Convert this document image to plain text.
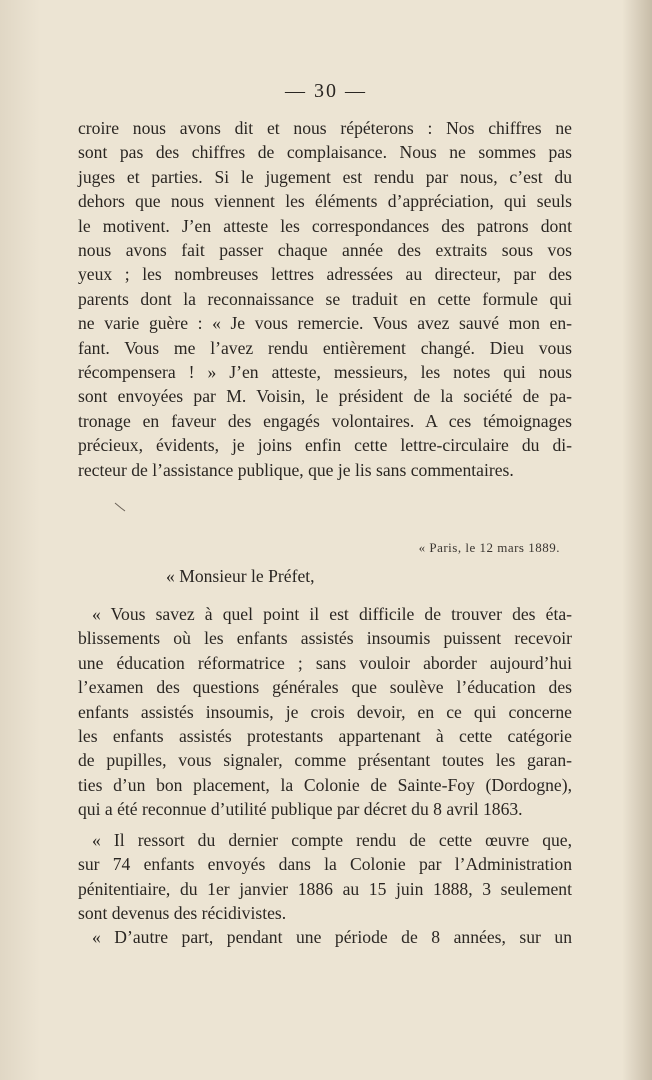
— 30 —
croire nous avons dit et nous répéterons : Nos chiffres ne
sont pas des chiffres de complaisance. Nous ne sommes pas
juges et parties. Si le jugement est rendu par nous, c’est du
dehors que nous viennent les éléments d’appréciation, qui seuls
le motivent. J’en atteste les correspondances des patrons dont
nous avons fait passer chaque année des extraits sous vos
yeux ; les nombreuses lettres adressées au directeur, par des
parents dont la reconnaissance se traduit en cette formule qui
ne varie guère : « Je vous remercie. Vous avez sauvé mon en-
fant. Vous me l’avez rendu entièrement changé. Dieu vous
récompensera ! » J’en atteste, messieurs, les notes qui nous
sont envoyées par M. Voisin, le président de la société de pa-
tronage en faveur des engagés volontaires. A ces témoignages
précieux, évidents, je joins enfin cette lettre-circulaire du di-
recteur de l’assistance publique, que je lis sans commentaires.
« Paris, le 12 mars 1889.
« Monsieur le Préfet,
« Vous savez à quel point il est difficile de trouver des éta-
blissements où les enfants assistés insoumis puissent recevoir
une éducation réformatrice ; sans vouloir aborder aujourd’hui
l’examen des questions générales que soulève l’éducation des
enfants assistés insoumis, je crois devoir, en ce qui concerne
les enfants assistés protestants appartenant à cette catégorie
de pupilles, vous signaler, comme présentant toutes les garan-
ties d’un bon placement, la Colonie de Sainte-Foy (Dordogne),
qui a été reconnue d’utilité publique par décret du 8 avril 1863.
« Il ressort du dernier compte rendu de cette œuvre que,
sur 74 enfants envoyés dans la Colonie par l’Administration
pénitentiaire, du 1er janvier 1886 au 15 juin 1888, 3 seulement
sont devenus des récidivistes.
« D’autre part, pendant une période de 8 années, sur un
